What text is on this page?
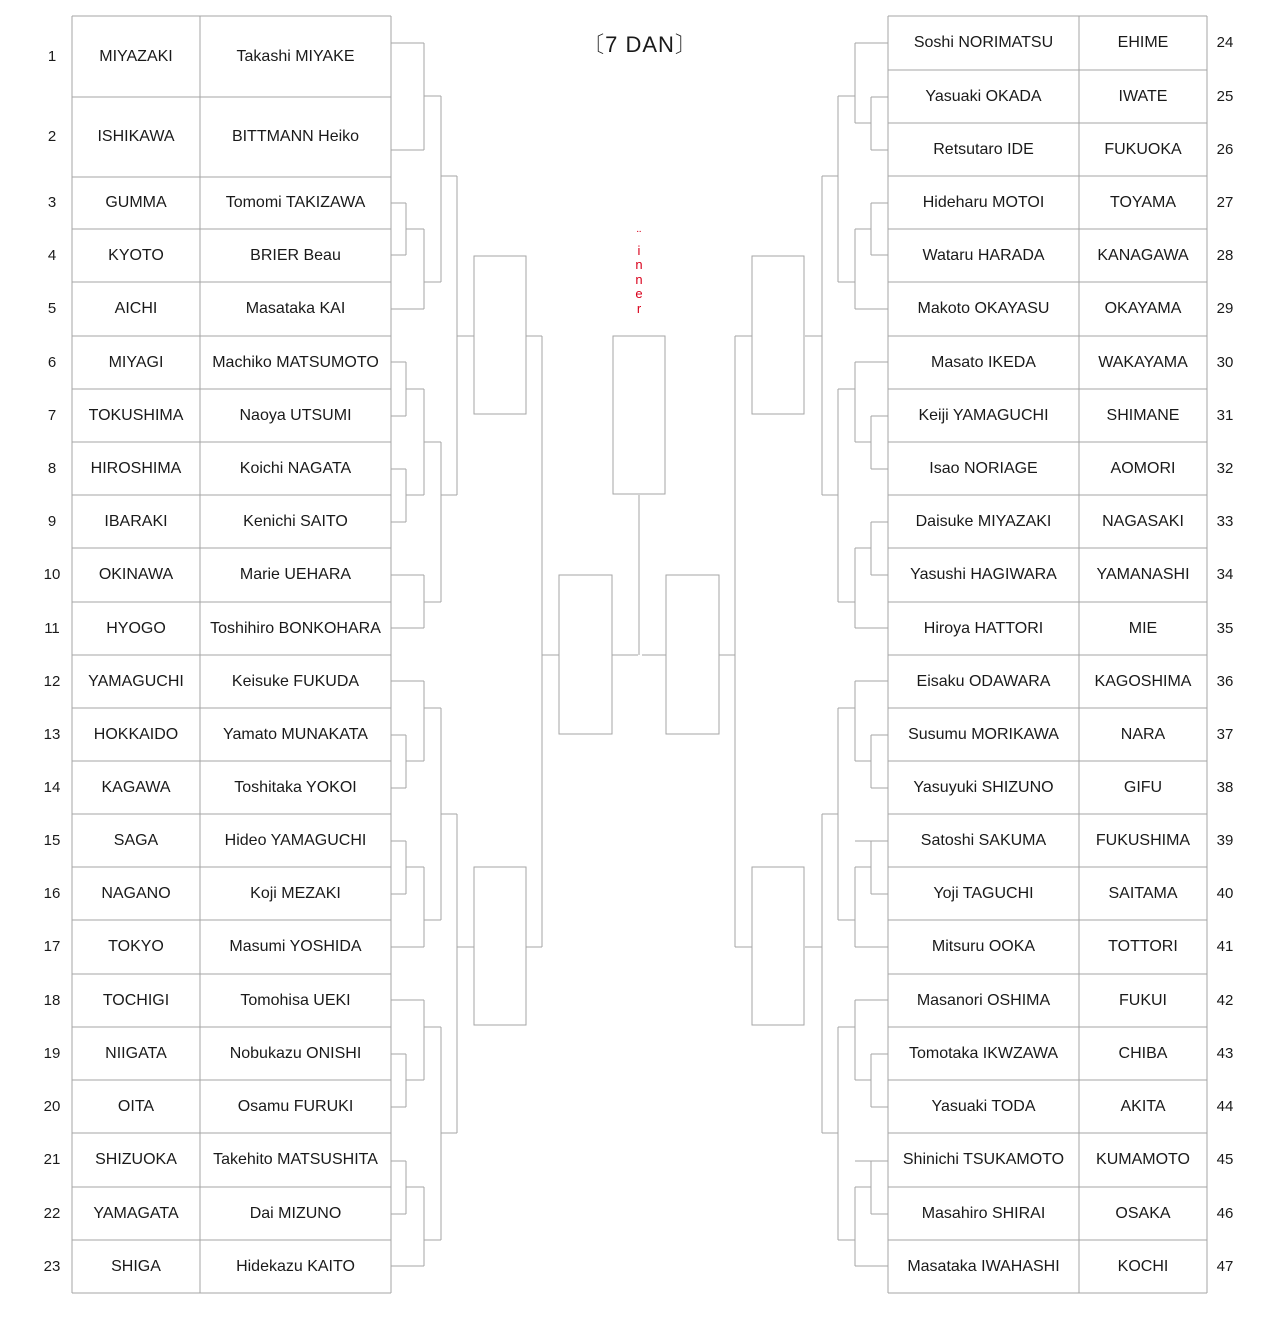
〔7 DAN〕
¨
i
n
n
e
r
1	MIYAZAKI	Takashi MIYAKE
2	ISHIKAWA	BITTMANN Heiko
3	GUMMA	Tomomi TAKIZAWA
4	KYOTO	BRIER Beau
5	AICHI	Masataka KAI
6	MIYAGI	Machiko MATSUMOTO
7	TOKUSHIMA	Naoya UTSUMI
8	HIROSHIMA	Koichi NAGATA
9	IBARAKI	Kenichi SAITO
10	OKINAWA	Marie UEHARA
11	HYOGO	Toshihiro BONKOHARA
12	YAMAGUCHI	Keisuke FUKUDA
13	HOKKAIDO	Yamato MUNAKATA
14	KAGAWA	Toshitaka YOKOI
15	SAGA	Hideo YAMAGUCHI
16	NAGANO	Koji MEZAKI
17	TOKYO	Masumi YOSHIDA
18	TOCHIGI	Tomohisa UEKI
19	NIIGATA	Nobukazu ONISHI
20	OITA	Osamu FURUKI
21	SHIZUOKA	Takehito MATSUSHITA
22	YAMAGATA	Dai MIZUNO
23	SHIGA	Hidekazu KAITO
Soshi NORIMATSU	EHIME	24
Yasuaki OKADA	IWATE	25
Retsutaro IDE	FUKUOKA	26
Hideharu MOTOI	TOYAMA	27
Wataru HARADA	KANAGAWA	28
Makoto OKAYASU	OKAYAMA	29
Masato IKEDA	WAKAYAMA	30
Keiji YAMAGUCHI	SHIMANE	31
Isao NORIAGE	AOMORI	32
Daisuke MIYAZAKI	NAGASAKI	33
Yasushi HAGIWARA	YAMANASHI	34
Hiroya HATTORI	MIE	35
Eisaku ODAWARA	KAGOSHIMA	36
Susumu MORIKAWA	NARA	37
Yasuyuki SHIZUNO	GIFU	38
Satoshi SAKUMA	FUKUSHIMA	39
Yoji TAGUCHI	SAITAMA	40
Mitsuru OOKA	TOTTORI	41
Masanori OSHIMA	FUKUI	42
Tomotaka IKWZAWA	CHIBA	43
Yasuaki TODA	AKITA	44
Shinichi TSUKAMOTO	KUMAMOTO	45
Masahiro SHIRAI	OSAKA	46
Masataka IWAHASHI	KOCHI	47
